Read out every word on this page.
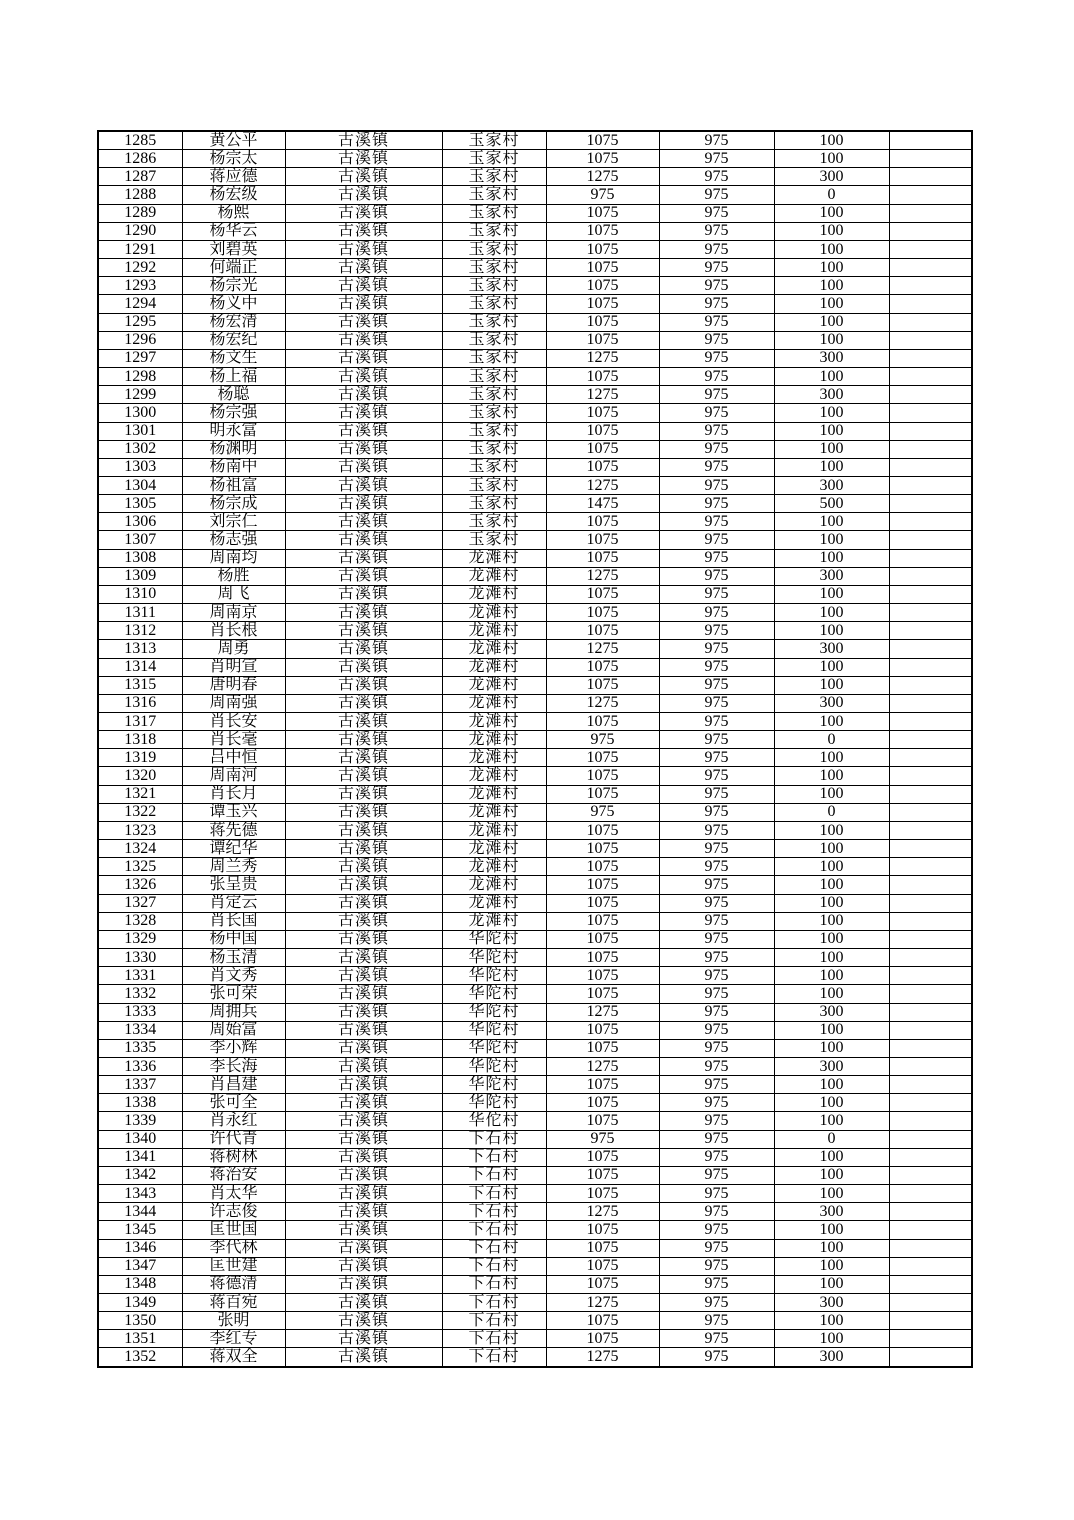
1285	黄公平	古溪镇	玉家村	1075	975	100	
1286	杨宗太	古溪镇	玉家村	1075	975	100	
1287	蒋应德	古溪镇	玉家村	1275	975	300	
1288	杨宏级	古溪镇	玉家村	975	975	0	
1289	杨熙	古溪镇	玉家村	1075	975	100	
1290	杨华云	古溪镇	玉家村	1075	975	100	
1291	刘碧英	古溪镇	玉家村	1075	975	100	
1292	何端正	古溪镇	玉家村	1075	975	100	
1293	杨宗光	古溪镇	玉家村	1075	975	100	
1294	杨义中	古溪镇	玉家村	1075	975	100	
1295	杨宏清	古溪镇	玉家村	1075	975	100	
1296	杨宏纪	古溪镇	玉家村	1075	975	100	
1297	杨文生	古溪镇	玉家村	1275	975	300	
1298	杨上福	古溪镇	玉家村	1075	975	100	
1299	杨聪	古溪镇	玉家村	1275	975	300	
1300	杨宗强	古溪镇	玉家村	1075	975	100	
1301	明永富	古溪镇	玉家村	1075	975	100	
1302	杨渊明	古溪镇	玉家村	1075	975	100	
1303	杨南中	古溪镇	玉家村	1075	975	100	
1304	杨祖富	古溪镇	玉家村	1275	975	300	
1305	杨宗成	古溪镇	玉家村	1475	975	500	
1306	刘宗仁	古溪镇	玉家村	1075	975	100	
1307	杨志强	古溪镇	玉家村	1075	975	100	
1308	周南均	古溪镇	龙滩村	1075	975	100	
1309	杨胜	古溪镇	龙滩村	1275	975	300	
1310	周飞	古溪镇	龙滩村	1075	975	100	
1311	周南京	古溪镇	龙滩村	1075	975	100	
1312	肖长根	古溪镇	龙滩村	1075	975	100	
1313	周勇	古溪镇	龙滩村	1275	975	300	
1314	肖明宣	古溪镇	龙滩村	1075	975	100	
1315	唐明春	古溪镇	龙滩村	1075	975	100	
1316	周南强	古溪镇	龙滩村	1275	975	300	
1317	肖长安	古溪镇	龙滩村	1075	975	100	
1318	肖长毫	古溪镇	龙滩村	975	975	0	
1319	吕中恒	古溪镇	龙滩村	1075	975	100	
1320	周南河	古溪镇	龙滩村	1075	975	100	
1321	肖长月	古溪镇	龙滩村	1075	975	100	
1322	谭玉兴	古溪镇	龙滩村	975	975	0	
1323	蒋先德	古溪镇	龙滩村	1075	975	100	
1324	谭纪华	古溪镇	龙滩村	1075	975	100	
1325	周兰秀	古溪镇	龙滩村	1075	975	100	
1326	张呈贵	古溪镇	龙滩村	1075	975	100	
1327	肖定云	古溪镇	龙滩村	1075	975	100	
1328	肖长国	古溪镇	龙滩村	1075	975	100	
1329	杨中国	古溪镇	华陀村	1075	975	100	
1330	杨玉清	古溪镇	华陀村	1075	975	100	
1331	肖文秀	古溪镇	华陀村	1075	975	100	
1332	张可荣	古溪镇	华陀村	1075	975	100	
1333	周拥兵	古溪镇	华陀村	1275	975	300	
1334	周始富	古溪镇	华陀村	1075	975	100	
1335	李小辉	古溪镇	华陀村	1075	975	100	
1336	李长海	古溪镇	华陀村	1275	975	300	
1337	肖昌建	古溪镇	华陀村	1075	975	100	
1338	张可全	古溪镇	华陀村	1075	975	100	
1339	肖永红	古溪镇	华佗村	1075	975	100	
1340	许代青	古溪镇	下石村	975	975	0	
1341	蒋树林	古溪镇	下石村	1075	975	100	
1342	蒋治安	古溪镇	下石村	1075	975	100	
1343	肖太华	古溪镇	下石村	1075	975	100	
1344	许志俊	古溪镇	下石村	1275	975	300	
1345	匡世国	古溪镇	下石村	1075	975	100	
1346	李代林	古溪镇	下石村	1075	975	100	
1347	匡世建	古溪镇	下石村	1075	975	100	
1348	蒋德清	古溪镇	下石村	1075	975	100	
1349	蒋百宛	古溪镇	下石村	1275	975	300	
1350	张明	古溪镇	下石村	1075	975	100	
1351	李红专	古溪镇	下石村	1075	975	100	
1352	蒋双全	古溪镇	下石村	1275	975	300	
